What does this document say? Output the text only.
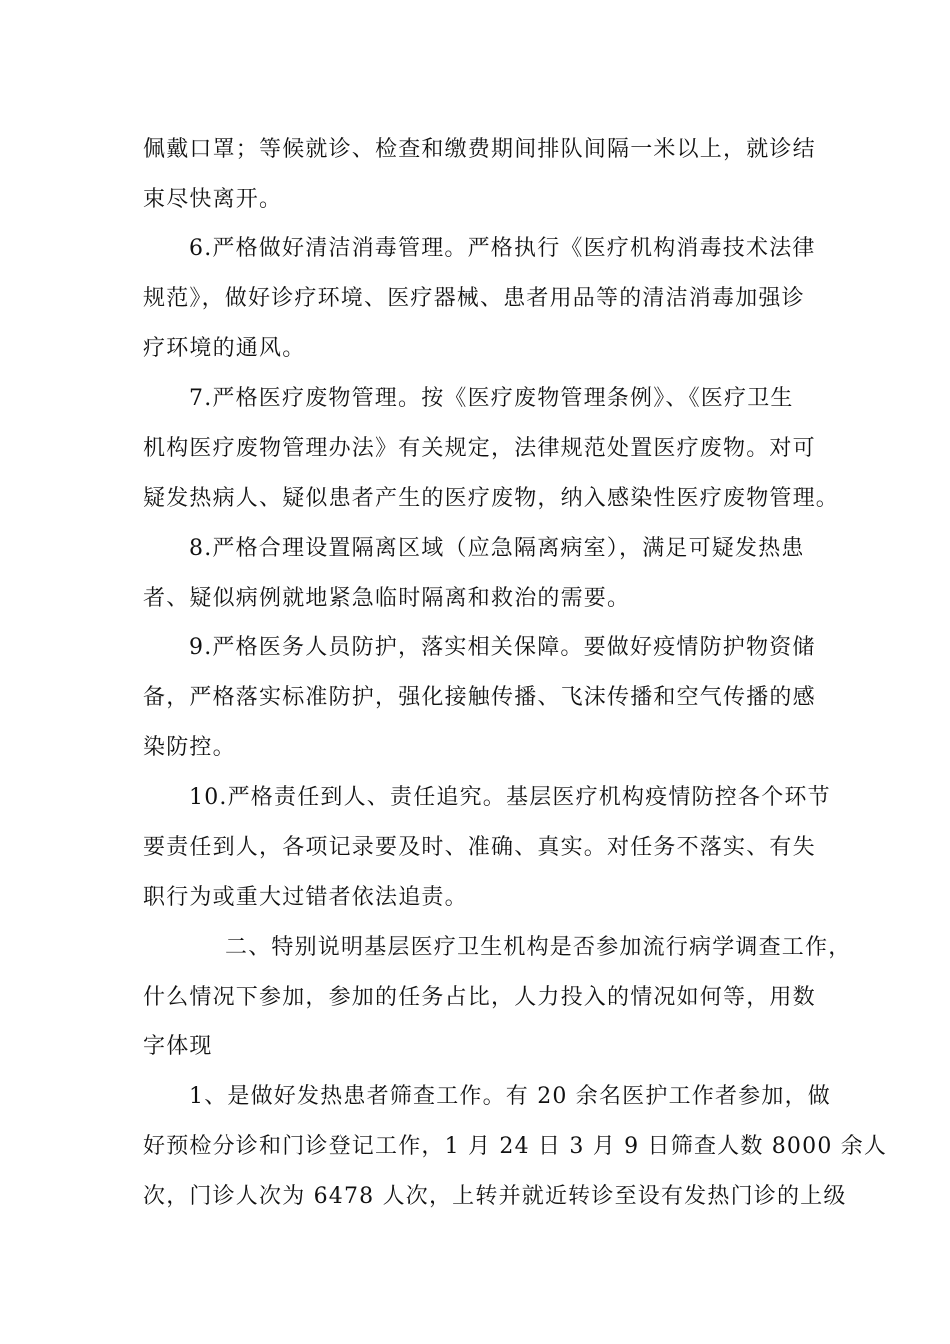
佩戴口罩；等候就诊、检查和缴费期间排队间隔一米以上，就诊结
束尽快离开。
6.严格做好清洁消毒管理。严格执行《医疗机构消毒技术法律
规范》，做好诊疗环境、医疗器械、患者用品等的清洁消毒加强诊
疗环境的通风。
7.严格医疗废物管理。按《医疗废物管理条例》、《医疗卫生
机构医疗废物管理办法》有关规定，法律规范处置医疗废物。对可
疑发热病人、疑似患者产生的医疗废物，纳入感染性医疗废物管理。
8.严格合理设置隔离区域（应急隔离病室），满足可疑发热患
者、疑似病例就地紧急临时隔离和救治的需要。
9.严格医务人员防护，落实相关保障。要做好疫情防护物资储
备，严格落实标准防护，强化接触传播、飞沫传播和空气传播的感
染防控。
10.严格责任到人、责任追究。基层医疗机构疫情防控各个环节
要责任到人，各项记录要及时、准确、真实。对任务不落实、有失
职行为或重大过错者依法追责。
二、特别说明基层医疗卫生机构是否参加流行病学调查工作，
什么情况下参加，参加的任务占比，人力投入的情况如何等，用数
字体现
1、是做好发热患者筛查工作。有 20 余名医护工作者参加，做
好预检分诊和门诊登记工作，1 月 24 日 3 月 9 日筛查人数 8000 余人
次，门诊人次为 6478 人次，上转并就近转诊至设有发热门诊的上级
